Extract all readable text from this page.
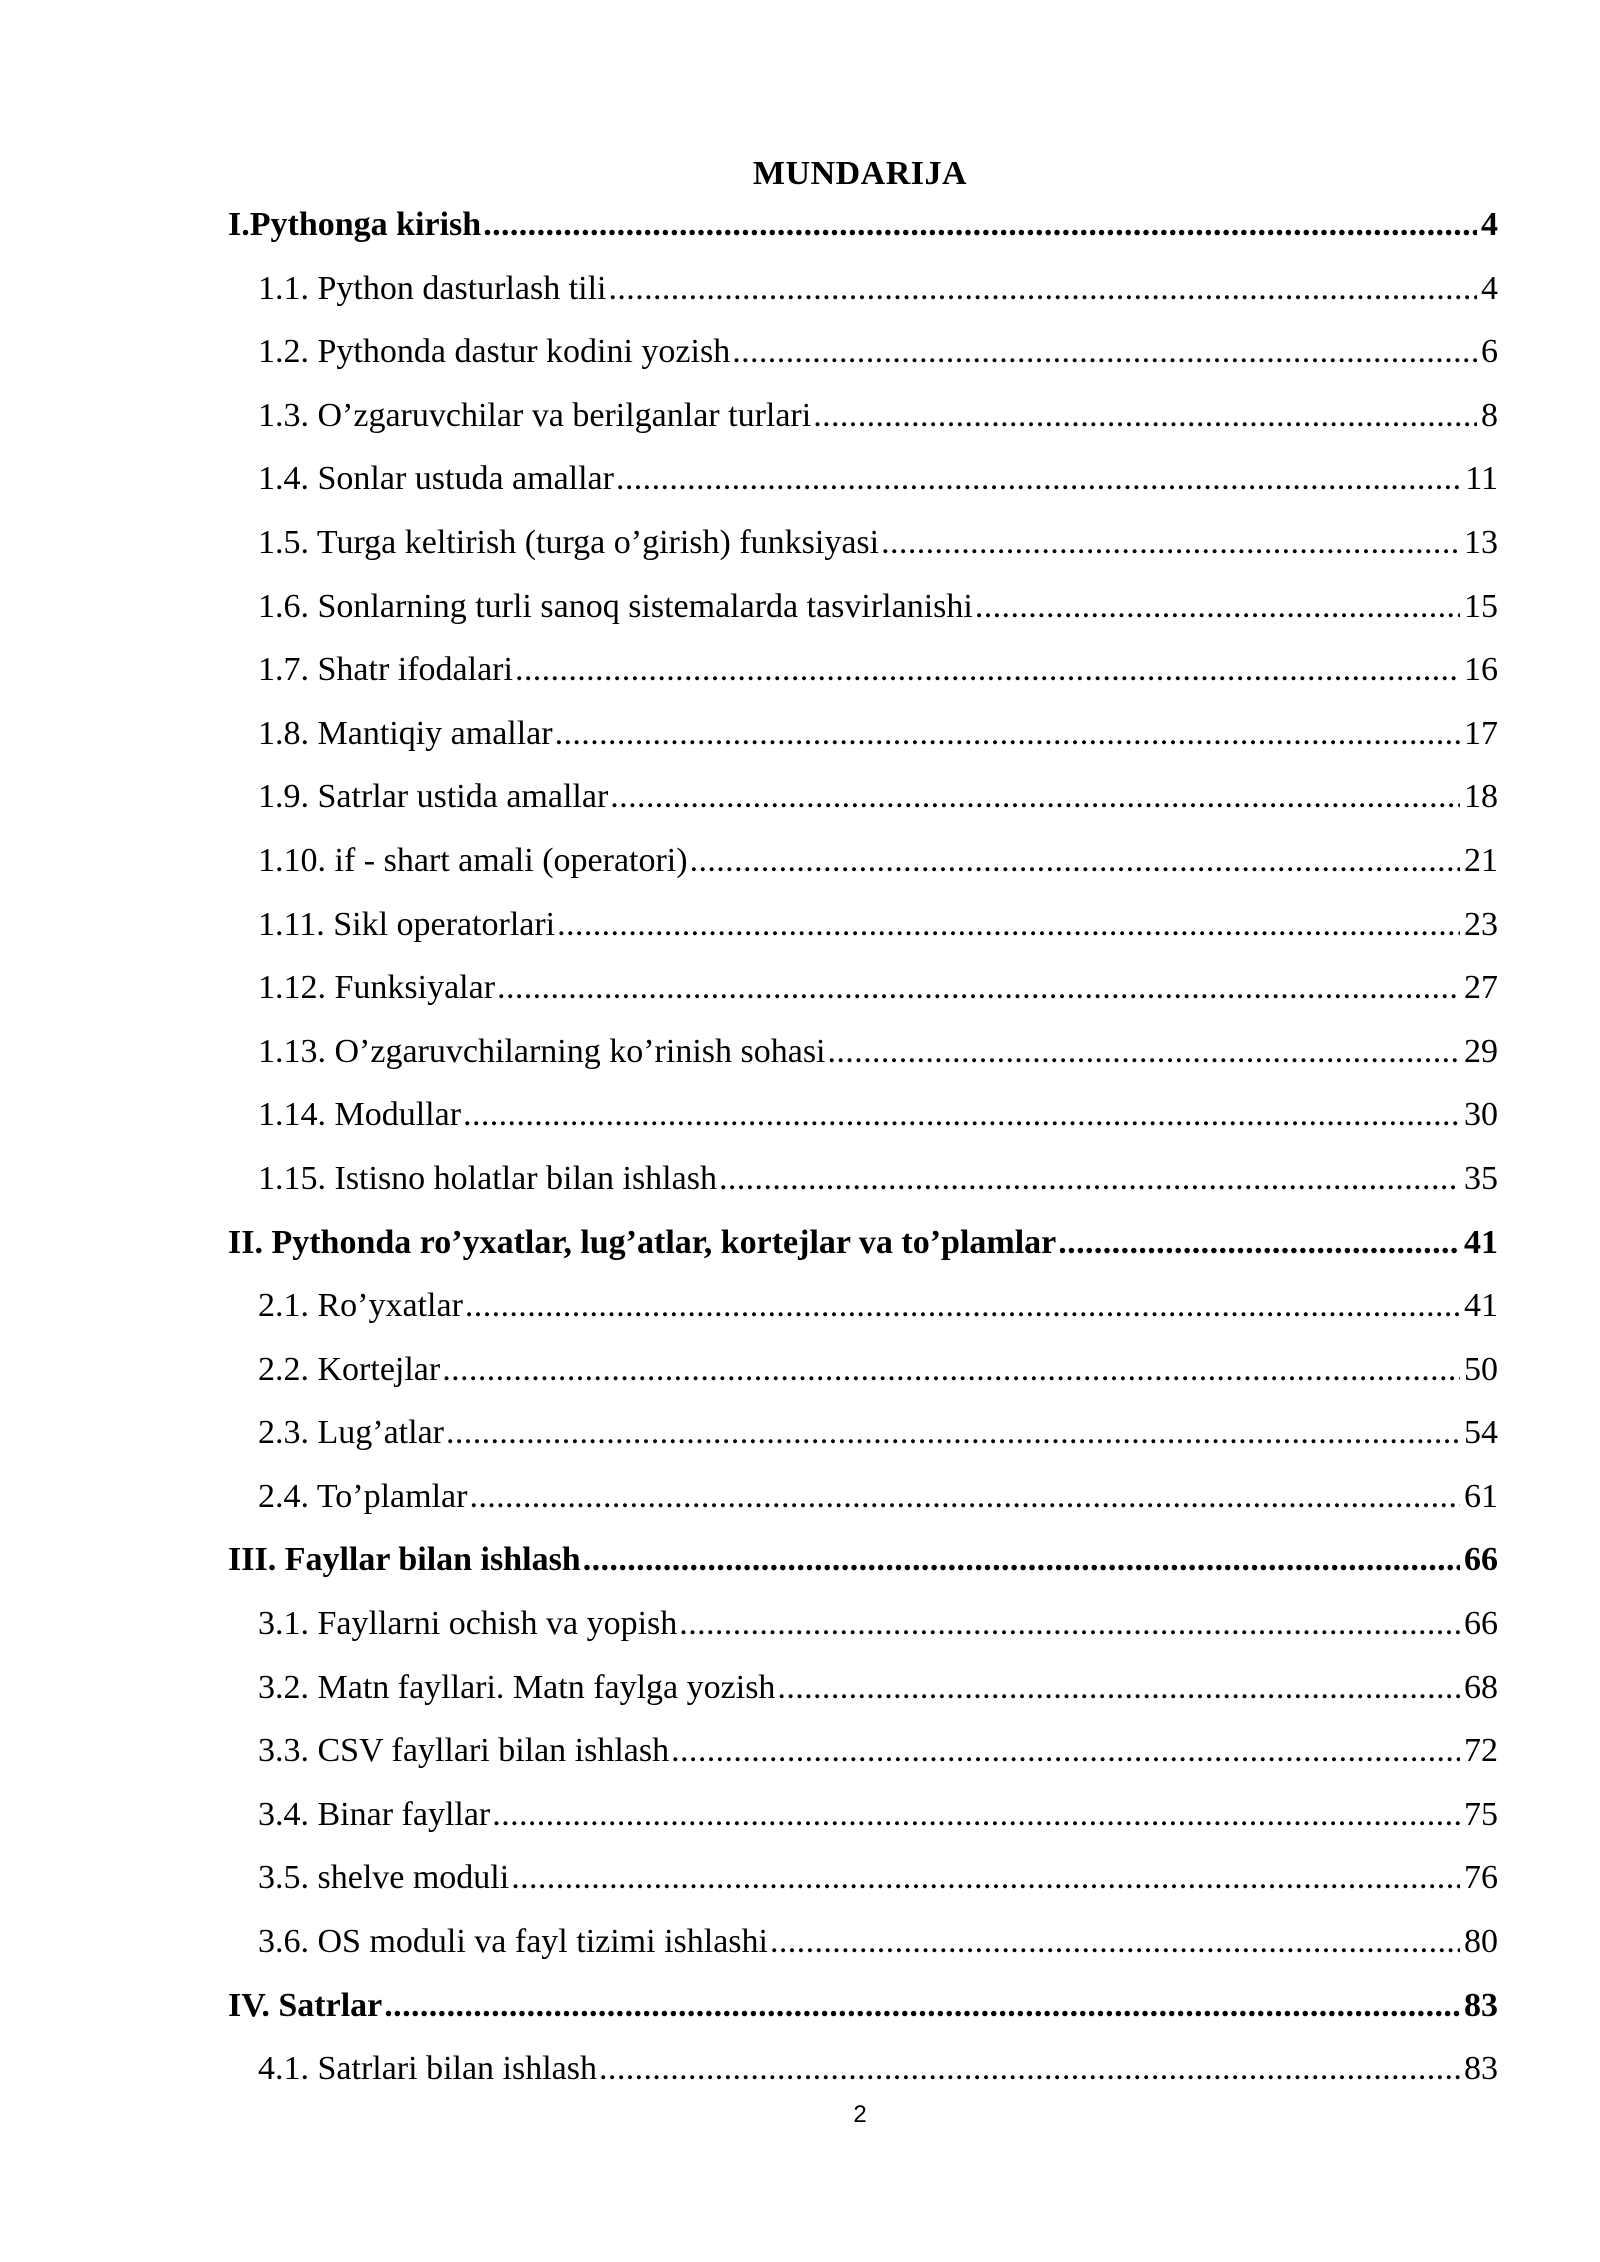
MUNDARIJA
I.Pythonga kirish .....	4
1.1. Python dasturlash tili .....	4
1.2. Pythonda dastur kodini yozish .....	6
1.3. O’zgaruvchilar va berilganlar turlari .....	8
1.4. Sonlar ustuda amallar .....	11
1.5. Turga keltirish (turga o’girish) funksiyasi .....	13
1.6. Sonlarning turli sanoq sistemalarda tasvirlanishi .....	15
1.7. Shatr ifodalari .....	16
1.8. Mantiqiy amallar .....	17
1.9. Satrlar ustida amallar .....	18
1.10. if - shart amali (operatori) .....	21
1.11. Sikl operatorlari .....	23
1.12. Funksiyalar .....	27
1.13. O’zgaruvchilarning ko’rinish sohasi .....	29
1.14. Modullar .....	30
1.15. Istisno holatlar bilan ishlash .....	35
II. Pythonda ro’yxatlar, lug’atlar, kortejlar va to’plamlar .....	41
2.1. Ro’yxatlar .....	41
2.2. Kortejlar .....	50
2.3. Lug’atlar .....	54
2.4. To’plamlar .....	61
III. Fayllar bilan ishlash .....	66
3.1. Fayllarni ochish va yopish .....	66
3.2. Matn fayllari. Matn faylga yozish .....	68
3.3. CSV fayllari bilan ishlash .....	72
3.4. Binar fayllar .....	75
3.5. shelve moduli .....	76
3.6. OS moduli va fayl tizimi ishlashi .....	80
IV. Satrlar .....	83
4.1. Satrlari bilan ishlash .....	83
2
